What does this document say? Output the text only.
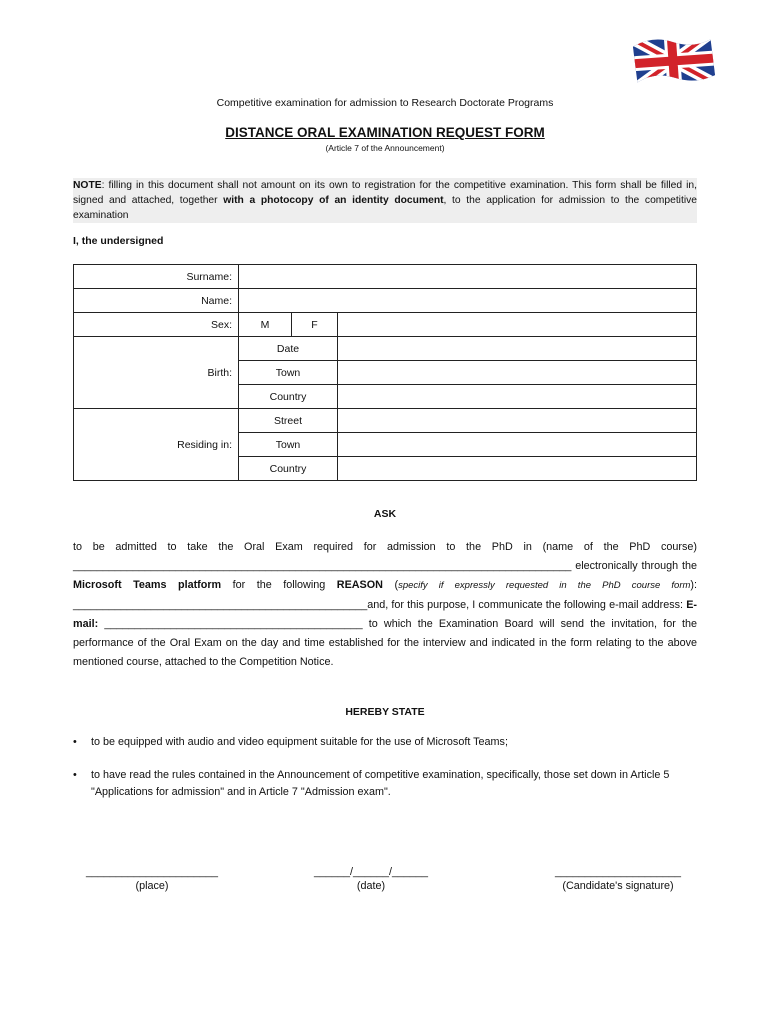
Competitive examination for admission to Research Doctorate Programs
DISTANCE ORAL EXAMINATION REQUEST FORM
(Article 7 of the Announcement)
NOTE: filling in this document shall not amount on its own to registration for the competitive examination. This form shall be filled in, signed and attached, together with a photocopy of an identity document, to the application for admission to the competitive examination
I, the undersigned
Surname:			
Name:			
Sex:	M	F	
Birth:	Date		
	Town		
	Country		
Residing in:	Street		
	Town		
	Country		
ASK
to be admitted to take the Oral Exam required for admission to the PhD in (name of the PhD course) ___________________________________________________________________________________ electronically through the Microsoft Teams platform for the following REASON (specify if expressly requested in the PhD course form): _________________________________________________and, for this purpose, I communicate the following e-mail address: E-mail: ___________________________________________ to which the Examination Board will send the invitation, for the performance of the Oral Exam on the day and time established for the interview and indicated in the form relating to the above mentioned course, attached to the Competition Notice.
HEREBY STATE
•	to be equipped with audio and video equipment suitable for the use of Microsoft Teams;
•	to have read the rules contained in the Announcement of competitive examination, specifically, those set down in Article 5 "Applications for admission" and in Article 7 "Admission exam".
______________________
(place)
______/______/______
(date)
_____________________
(Candidate's signature)
